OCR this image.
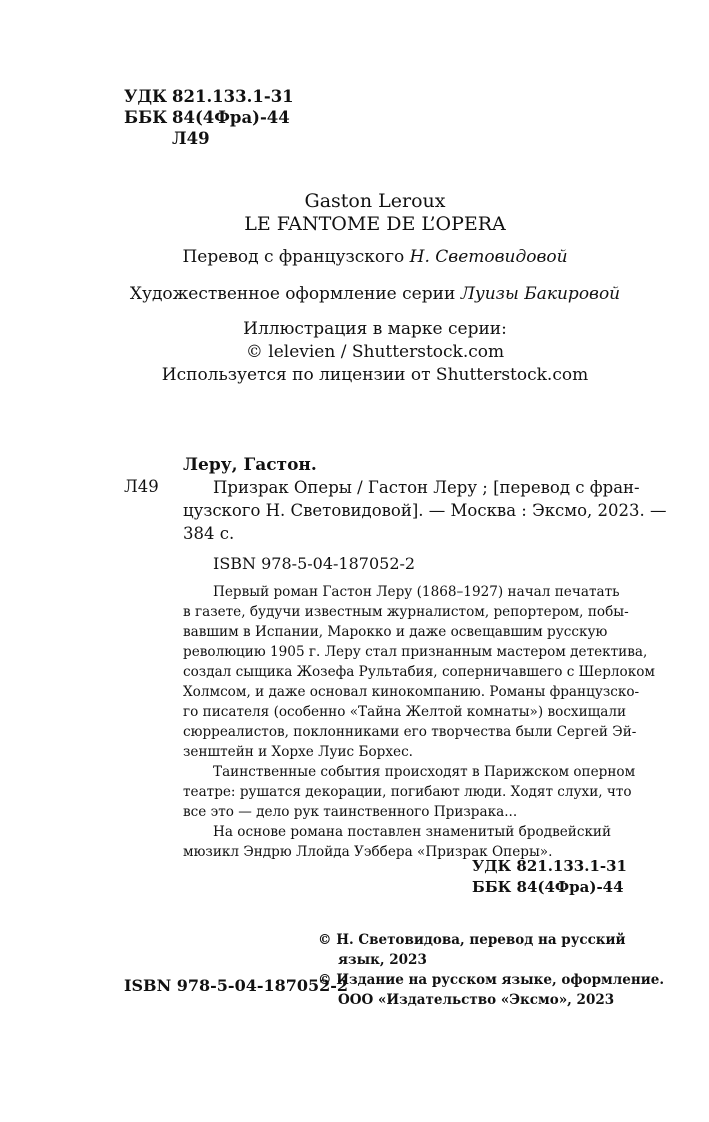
УДК 821.133.1-31
ББК 84(4Фра)-44
Л49
Gaston Leroux
LE FANTOME DE L’OPERA
Перевод с французского Н. Световидовой
Художественное оформление серии Луизы Бакировой
Иллюстрация в марке серии:
© lelevien / Shutterstock.com
Используется по лицензии от Shutterstock.com
Леру, Гастон.
Л49	Призрак Оперы / Гастон Леру ; [перевод с фран-
цузского Н. Световидовой]. — Москва : Эксмо, 2023. —
384 с.
ISBN 978-5-04-187052-2
Первый роман Гастон Леру (1868–1927) начал печатать
в газете, будучи известным журналистом, репортером, побы-
вавшим в Испании, Марокко и даже освещавшим русскую
революцию 1905 г. Леру стал признанным мастером детектива,
создал сыщика Жозефа Рультабия, соперничавшего с Шерлоком
Холмсом, и даже основал кинокомпанию. Романы французско-
го писателя (особенно «Тайна Желтой комнаты») восхищали
сюрреалистов, поклонниками его творчества были Сергей Эй-
зенштейн и Хорхе Луис Борхес.
Таинственные события происходят в Парижском оперном
театре: рушатся декорации, погибают люди. Ходят слухи, что
все это — дело рук таинственного Призрака...
На основе романа поставлен знаменитый бродвейский
мюзикл Эндрю Ллойда Уэббера «Призрак Оперы».
УДК 821.133.1-31
ББК 84(4Фра)-44
© Н. Световидова, перевод на русский
язык, 2023
© Издание на русском языке, оформление.
ООО «Издательство «Эксмо», 2023
ISBN 978-5-04-187052-2
